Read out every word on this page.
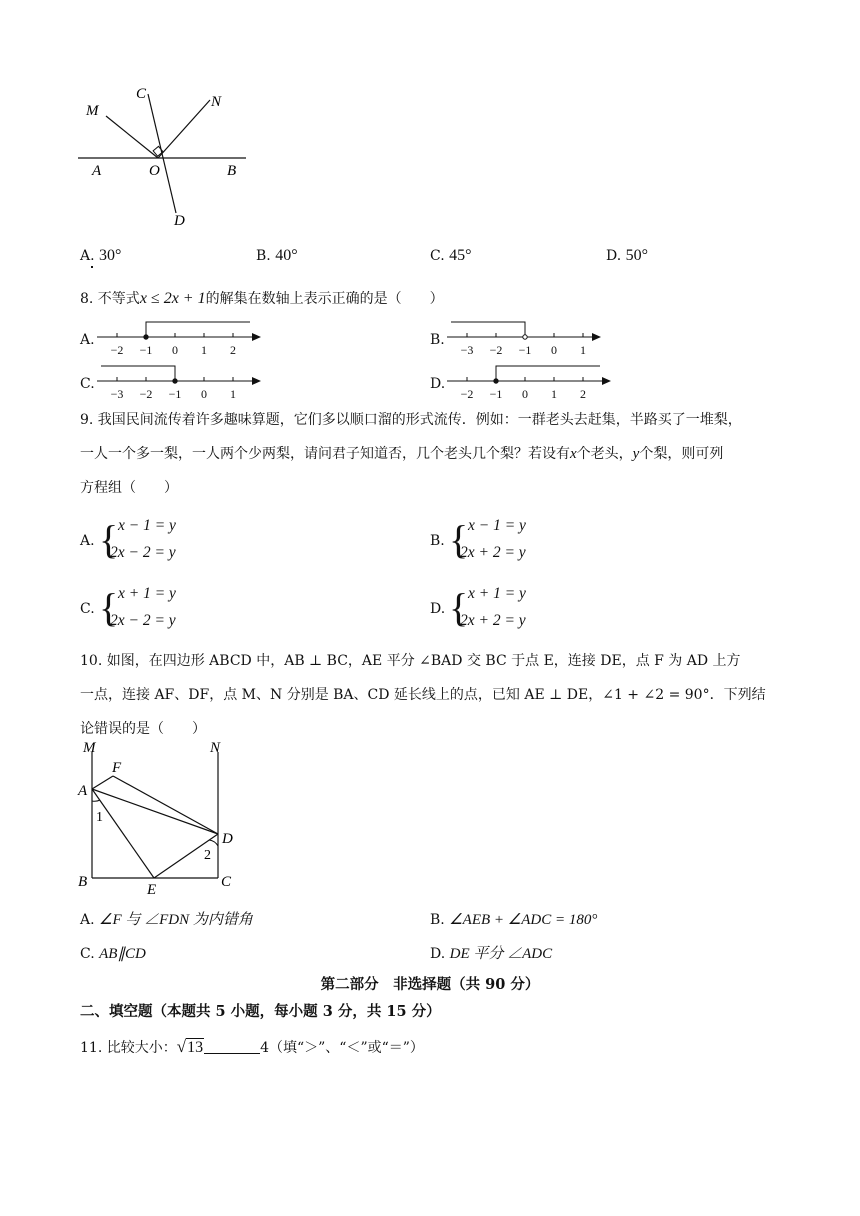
M
C	N
A	O	B
D
A. 30°	B. 40°	C. 45°	D. 50°
8. 不等式x ≤ 2x + 1的解集在数轴上表示正确的是（　　）
A.
−2 −1 0 1 2
B.
−3 −2 −1 0 1
C.
−3 −2 −1 0 1
D.
−2 −1 0 1 2
9. 我国民间流传着许多趣味算题，它们多以顺口溜的形式流传．例如：一群老头去赶集，半路买了一堆梨，
一人一个多一梨，一人两个少两梨，请问君子知道否，几个老头几个梨？若设有x个老头，y个梨，则可列
方程组（　　）
A. { x − 1 = y
2x − 2 = y
B. { x − 1 = y
2x + 2 = y
C. { x + 1 = y
2x − 2 = y
D. { x + 1 = y
2x + 2 = y
10. 如图，在四边形 ABCD 中，AB ⊥ BC，AE 平分 ∠BAD 交 BC 于点 E，连接 DE，点 F 为 AD 上方
一点，连接 AF、DF，点 M、N 分别是 BA、CD 延长线上的点，已知 AE ⊥ DE，∠1 + ∠2 = 90°．下列结
论错误的是（　　）
M
F
N
A
1
D
2
B	E	C
A. ∠F 与 ∠FDN 为内错角	B. ∠AEB + ∠ADC = 180°
C. AB∥CD	D. DE 平分 ∠ADC
第二部分　非选择题（共 90 分）
二、填空题（本题共 5 小题，每小题 3 分，共 15 分）
11. 比较大小：√13	4（填“＞”、“＜”或“＝”）
